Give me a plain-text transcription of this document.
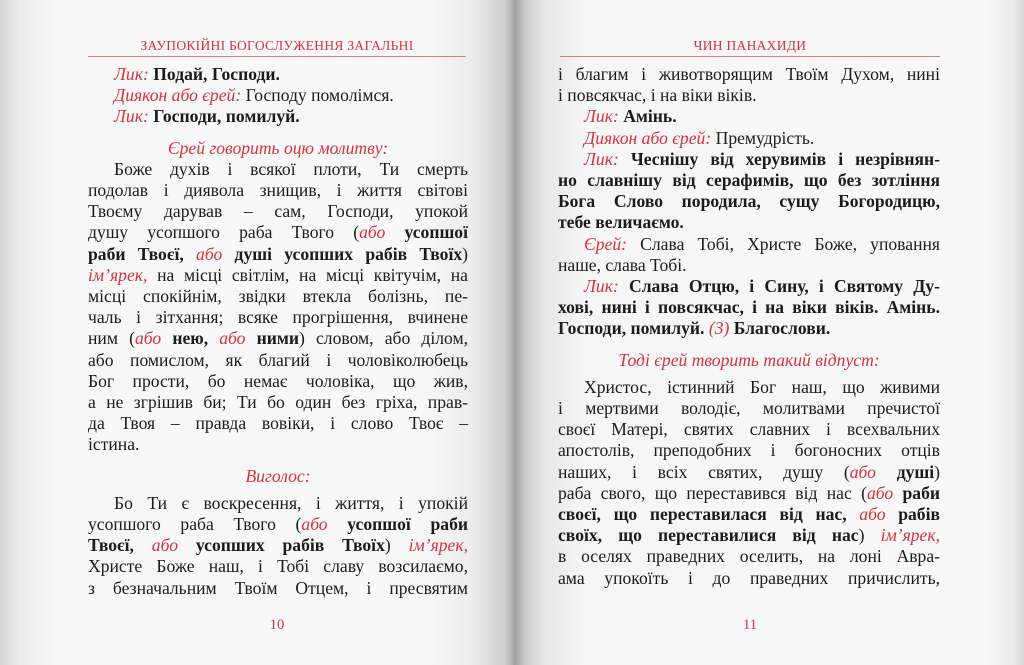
ЗАУПОКІЙНІ БОГОСЛУЖЕННЯ ЗАГАЛЬНІ

Лик: Подай, Господи.

Диякон або єрей: Господу помолімся.

Лик: Господи, помилуй.

Єрей говорить оцю молитву:

Боже духів і всякої плоти, Ти смерть

подолав і диявола знищив, і життя світові

Твоєму дарував – сам, Господи, упокой

душу усопшого раба Твого (або усопшої

раби Твоєї, або душі усопших рабів Твоїх)

ім’ярек, на місці світлім, на місці квітучім, на

місці спокійнім, звідки втекла болізнь, пе-

чаль і зітхання; всяке прогрішення, вчинене

ним (або нею, або ними) словом, або ділом,

або помислом, як благий і чоловіколюбець

Бог прости, бо немає чоловіка, що жив,

а не згрішив би; Ти бо один без гріха, прав-

да Твоя – правда вовіки, і слово Твоє –

істина.

Виголос:

Бо Ти є воскресення, і життя, і упокій

усопшого раба Твого (або усопшої раби

Твоєї, або усопших рабів Твоїх) ім’ярек,

Христе Боже наш, і Тобі славу возсилаємо,

з безначальним Твоїм Отцем, і пресвятим

10
ЧИН ПАНАХИДИ

і благим і животворящим Твоїм Духом, нині

і повсякчас, і на віки віків.

Лик: Амінь.

Диякон або єрей: Премудрість.

Лик: Чеснішу від херувимів і незрівнян-

но славнішу від серафимів, що без зотління

Бога Слово породила, сущу Богородицю,

тебе величаємо.

Єрей: Слава Тобі, Христе Боже, уповання

наше, слава Тобі.

Лик: Слава Отцю, і Сину, і Святому Ду-

хові, нині і повсякчас, і на віки віків. Амінь.

Господи, помилуй. (3) Благослови.

Тоді єрей творить такий відпуст:

Христос, істинний Бог наш, що живими

і мертвими володіє, молитвами пречистої

своєї Матері, святих славних і всехвальних

апостолів, преподобних і богоносних отців

наших, і всіх святих, душу (або душі)

раба свого, що переставився від нас (або раби

своєї, що переставилася від нас, або рабів

своїх, що переставилися від нас) ім’ярек,

в оселях праведних оселить, на лоні Авра-

ама упокоїть і до праведних причислить,

11
